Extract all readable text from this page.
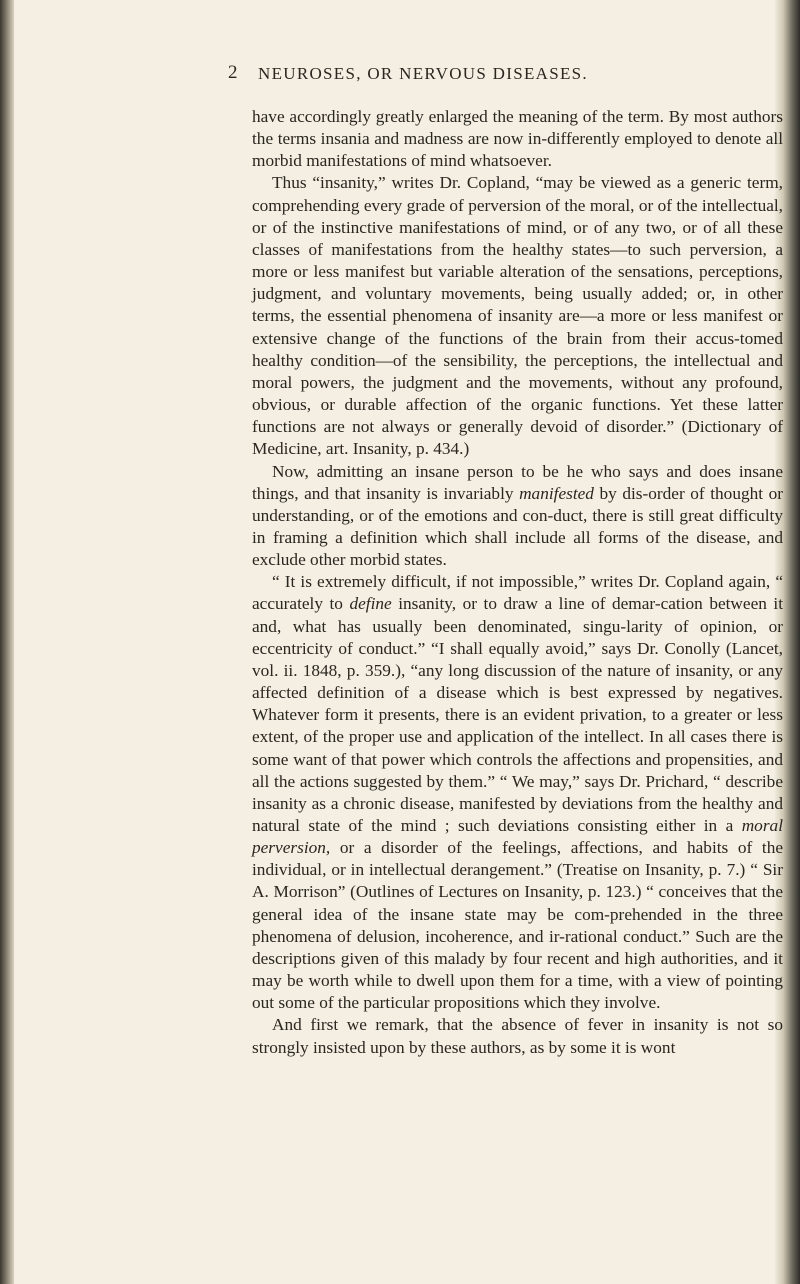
2 NEUROSES, OR NERVOUS DISEASES.

have accordingly greatly enlarged the meaning of the term. By most authors the terms insania and madness are now in-differently employed to denote all morbid manifestations of mind whatsoever.

Thus “insanity,” writes Dr. Copland, “may be viewed as a generic term, comprehending every grade of perversion of the moral, or of the intellectual, or of the instinctive manifestations of mind, or of any two, or of all these classes of manifestations from the healthy states—to such perversion, a more or less manifest but variable alteration of the sensations, perceptions, judgment, and voluntary movements, being usually added; or, in other terms, the essential phenomena of insanity are—a more or less manifest or extensive change of the functions of the brain from their accus-tomed healthy condition—of the sensibility, the perceptions, the intellectual and moral powers, the judgment and the movements, without any profound, obvious, or durable affection of the organic functions. Yet these latter functions are not always or generally devoid of disorder.” (Dictionary of Medicine, art. Insanity, p. 434.)

Now, admitting an insane person to be he who says and does insane things, and that insanity is invariably manifested by dis-order of thought or understanding, or of the emotions and con-duct, there is still great difficulty in framing a definition which shall include all forms of the disease, and exclude other morbid states.

“ It is extremely difficult, if not impossible,” writes Dr. Copland again, “ accurately to define insanity, or to draw a line of demar-cation between it and, what has usually been denominated, singu-larity of opinion, or eccentricity of conduct.” “I shall equally avoid,” says Dr. Conolly (Lancet, vol. ii. 1848, p. 359.), “any long discussion of the nature of insanity, or any affected definition of a disease which is best expressed by negatives. Whatever form it presents, there is an evident privation, to a greater or less extent, of the proper use and application of the intellect. In all cases there is some want of that power which controls the affections and propensities, and all the actions suggested by them.” “ We may,” says Dr. Prichard, “ describe insanity as a chronic disease, manifested by deviations from the healthy and natural state of the mind ; such deviations consisting either in a moral perversion, or a disorder of the feelings, affections, and habits of the individual, or in intellectual derangement.” (Treatise on Insanity, p. 7.) “ Sir A. Morrison” (Outlines of Lectures on Insanity, p. 123.) “ conceives that the general idea of the insane state may be com-prehended in the three phenomena of delusion, incoherence, and ir-rational conduct.” Such are the descriptions given of this malady by four recent and high authorities, and it may be worth while to dwell upon them for a time, with a view of pointing out some of the particular propositions which they involve.

And first we remark, that the absence of fever in insanity is not so strongly insisted upon by these authors, as by some it is wont
